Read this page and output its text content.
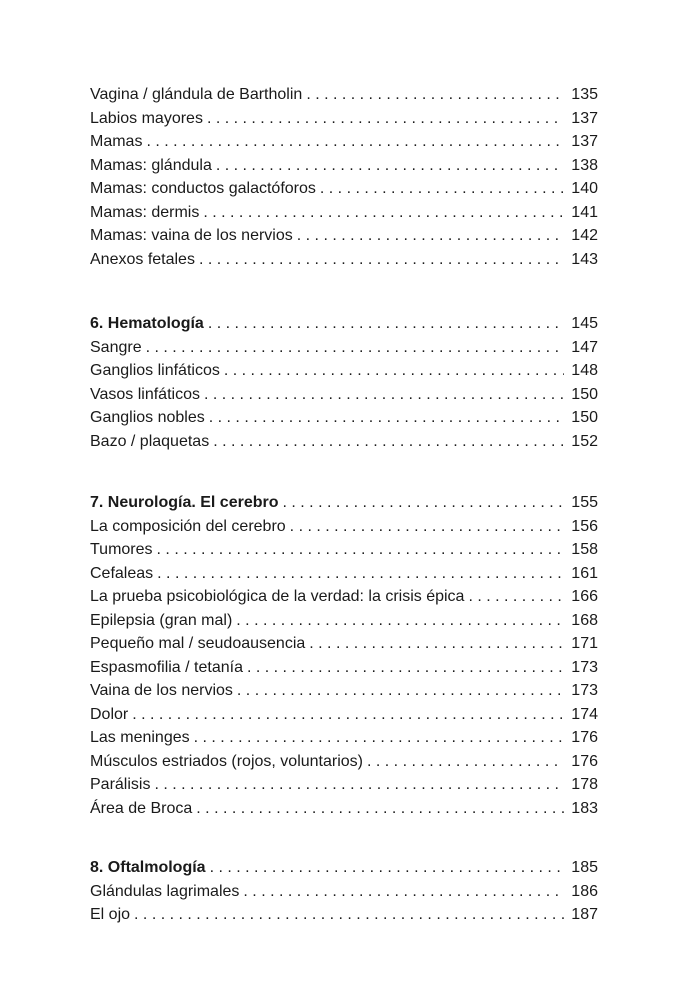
Vagina / glándula de Bartholin . . .	135
Labios mayores . . .	137
Mamas . . .	137
Mamas: glándula . . .	138
Mamas: conductos galactóforos . . .	140
Mamas: dermis . . .	141
Mamas: vaina de los nervios . . .	142
Anexos fetales . . .	143
6. Hematología . . .	145
Sangre . . .	147
Ganglios linfáticos . . .	148
Vasos linfáticos . . .	150
Ganglios nobles . . .	150
Bazo / plaquetas . . .	152
7. Neurología. El cerebro . . .	155
La composición del cerebro . . .	156
Tumores . . .	158
Cefaleas . . .	161
La prueba psicobiológica de la verdad: la crisis épica . . .	166
Epilepsia (gran mal) . . .	168
Pequeño mal / seudoausencia . . .	171
Espasmofilia / tetanía . . .	173
Vaina de los nervios . . .	173
Dolor . . .	174
Las meninges . . .	176
Músculos estriados (rojos, voluntarios) . . .	176
Parálisis . . .	178
Área de Broca . . .	183
8. Oftalmología . . .	185
Glándulas lagrimales . . .	186
El ojo . . .	187
